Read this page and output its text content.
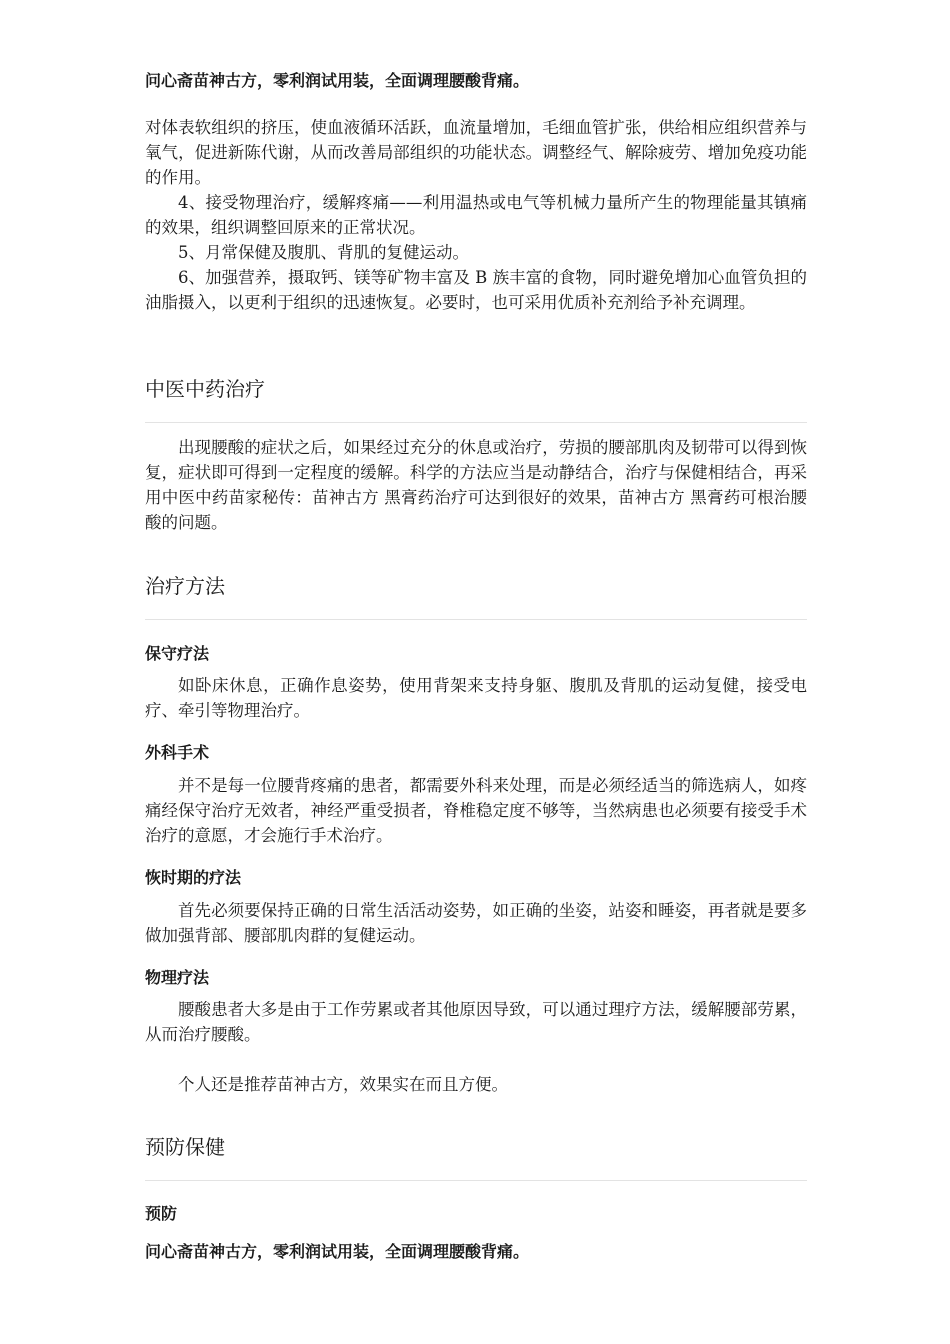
问心斋苗神古方，零利润试用装，全面调理腰酸背痛。

对体表软组织的挤压，使血液循环活跃，血流量增加，毛细血管扩张，供给相应组织营养与氧气，促进新陈代谢，从而改善局部组织的功能状态。调整经气、解除疲劳、增加免疫功能的作用。

4、接受物理治疗，缓解疼痛——利用温热或电气等机械力量所产生的物理能量其镇痛的效果，组织调整回原来的正常状况。

5、月常保健及腹肌、背肌的复健运动。

6、加强营养，摄取钙、镁等矿物丰富及 B 族丰富的食物，同时避免增加心血管负担的油脂摄入，以更利于组织的迅速恢复。必要时，也可采用优质补充剂给予补充调理。

中医中药治疗

出现腰酸的症状之后，如果经过充分的休息或治疗，劳损的腰部肌肉及韧带可以得到恢复，症状即可得到一定程度的缓解。科学的方法应当是动静结合，治疗与保健相结合，再采用中医中药苗家秘传：苗神古方 黑膏药治疗可达到很好的效果，苗神古方 黑膏药可根治腰酸的问题。

治疗方法
保守疗法

如卧床休息，正确作息姿势，使用背架来支持身躯、腹肌及背肌的运动复健，接受电疗、牵引等物理治疗。

外科手术

并不是每一位腰背疼痛的患者，都需要外科来处理，而是必须经适当的筛选病人，如疼痛经保守治疗无效者，神经严重受损者，脊椎稳定度不够等，当然病患也必须要有接受手术治疗的意愿，才会施行手术治疗。

恢时期的疗法

首先必须要保持正确的日常生活活动姿势，如正确的坐姿，站姿和睡姿，再者就是要多做加强背部、腰部肌肉群的复健运动。

物理疗法

腰酸患者大多是由于工作劳累或者其他原因导致，可以通过理疗方法，缓解腰部劳累，从而治疗腰酸。

个人还是推荐苗神古方，效果实在而且方便。

预防保健
预防

问心斋苗神古方，零利润试用装，全面调理腰酸背痛。
